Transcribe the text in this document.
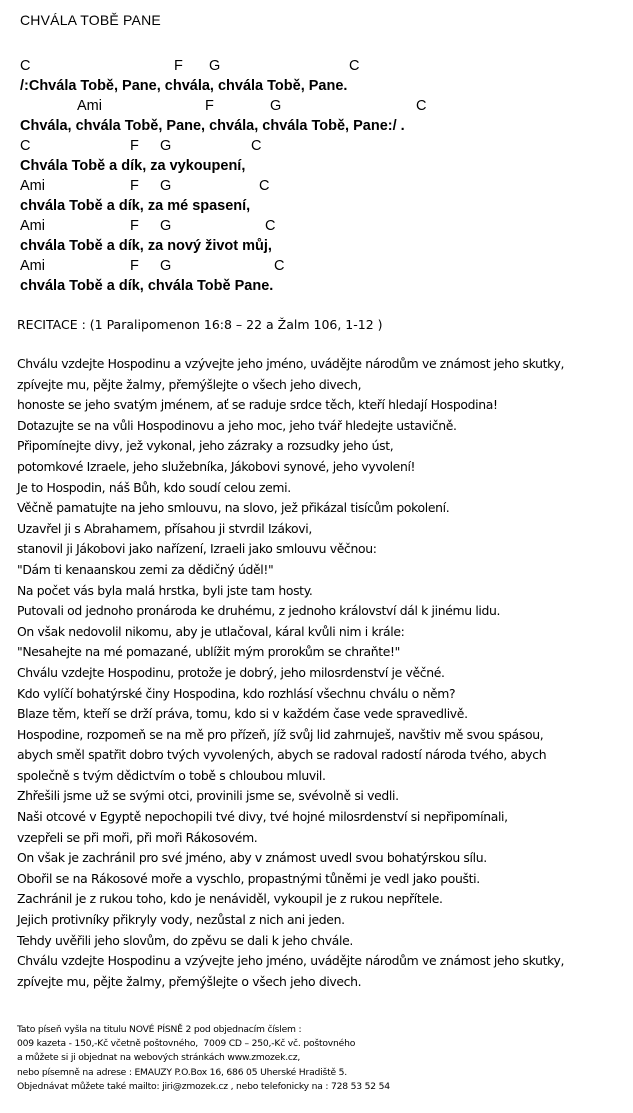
CHVÁLA TOBĚ PANE

C

	F

G

	C

/:Chvála Tobě, Pane, chvála, chvála Tobě, Pane.

Ami

	F

	G

	C

Chvála, chvála Tobě, Pane, chvála, chvála Tobě, Pane:/ .

C

	F

G

	C

Chvála Tobě a dík, za vykoupení,

Ami

	F

G

	C

chvála Tobě a dík, za mé spasení,

Ami

	F

G

	C

chvála Tobě a dík, za nový život můj,

Ami

	F

G

	C

chvála Tobě a dík, chvála Tobě Pane.

RECITACE : (1 Paralipomenon 16:8 – 22 a Žalm 106, 1-12 )
Chválu vzdejte Hospodinu a vzývejte jeho jméno, uvádějte národům ve známost jeho skutky,
zpívejte mu, pějte žalmy, přemýšlejte o všech jeho divech,
honoste se jeho svatým jménem, ať se raduje srdce těch, kteří hledají Hospodina!
Dotazujte se na vůli Hospodinovu a jeho moc, jeho tvář hledejte ustavičně.
Připomínejte divy, jež vykonal, jeho zázraky a rozsudky jeho úst,
potomkové Izraele, jeho služebníka, Jákobovi synové, jeho vyvolení!
Je to Hospodin, náš Bůh, kdo soudí celou zemi.
Věčně pamatujte na jeho smlouvu, na slovo, jež přikázal tisícům pokolení.
Uzavřel ji s Abrahamem, přísahou ji stvrdil Izákovi,
stanovil ji Jákobovi jako nařízení, Izraeli jako smlouvu věčnou:
"Dám ti kenaanskou zemi za dědičný úděl!"
Na počet vás byla malá hrstka, byli jste tam hosty.
Putovali od jednoho pronároda ke druhému, z jednoho království dál k jinému lidu.
On však nedovolil nikomu, aby je utlačoval, káral kvůli nim i krále:
"Nesahejte na mé pomazané, ublížit mým prorokům se chraňte!"
Chválu vzdejte Hospodinu, protože je dobrý, jeho milosrdenství je věčné.
Kdo vylíčí bohatýrské činy Hospodina, kdo rozhlásí všechnu chválu o něm?
Blaze těm, kteří se drží práva, tomu, kdo si v každém čase vede spravedlivě.
Hospodine, rozpomeň se na mě pro přízeň, jíž svůj lid zahrnuješ, navštiv mě svou spásou,
abych směl spatřit dobro tvých vyvolených, abych se radoval radostí národa tvého, abych
společně s tvým dědictvím o tobě s chloubou mluvil.
Zhřešili jsme už se svými otci, provinili jsme se, svévolně si vedli.
Naši otcové v Egyptě nepochopili tvé divy, tvé hojné milosrdenství si nepřipomínali,
vzepřeli se při moři, při moři Rákosovém.
On však je zachránil pro své jméno, aby v známost uvedl svou bohatýrskou sílu.
Obořil se na Rákosové moře a vyschlo, propastnými tůněmi je vedl jako poušti.
Zachránil je z rukou toho, kdo je nenáviděl, vykoupil je z rukou nepřítele.
Jejich protivníky přikryly vody, nezůstal z nich ani jeden.
Tehdy uvěřili jeho slovům, do zpěvu se dali k jeho chvále.
Chválu vzdejte Hospodinu a vzývejte jeho jméno, uvádějte národům ve známost jeho skutky,
zpívejte mu, pějte žalmy, přemýšlejte o všech jeho divech.
Tato píseň vyšla na titulu NOVÉ PÍSNĚ 2 pod objednacím číslem :
009 kazeta - 150,-Kč včetně poštovného,  7009 CD – 250,-Kč vč. poštovného
a můžete si ji objednat na webových stránkách www.zmozek.cz,
nebo písemně na adrese : EMAUZY P.O.Box 16, 686 05 Uherské Hradiště 5.
Objednávat můžete také mailto: jiri@zmozek.cz , nebo telefonicky na : 728 53 52 54
